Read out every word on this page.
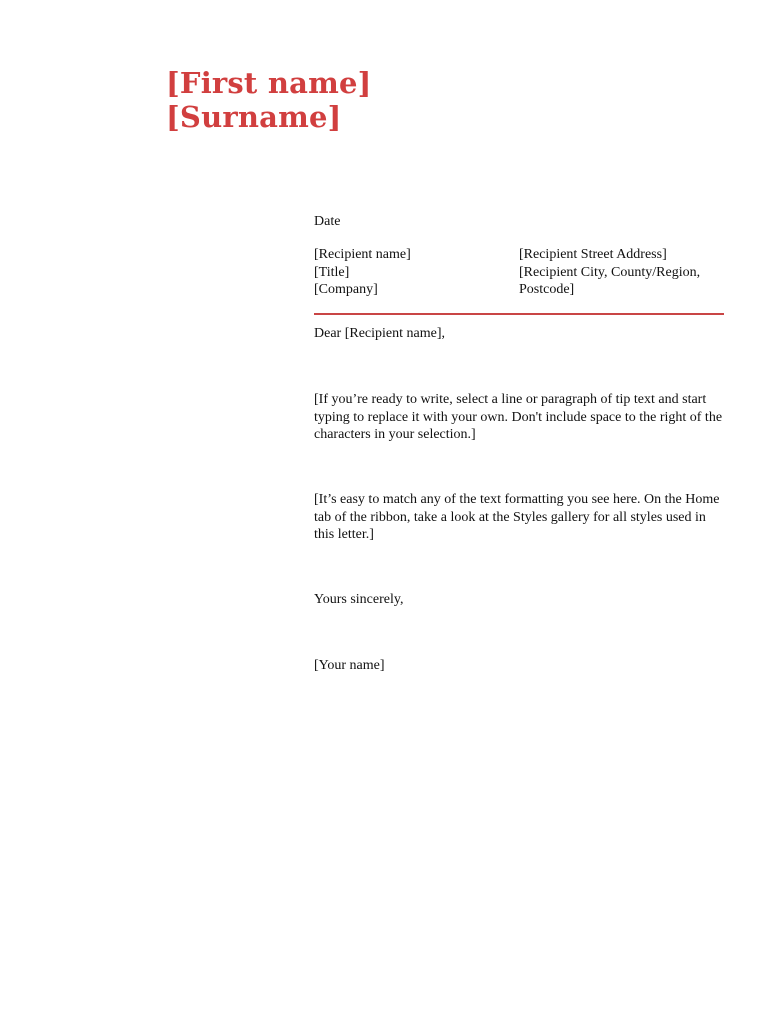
[First name]
[Surname]
Date
[Recipient name]
[Title]
[Company]
[Recipient Street Address]
[Recipient City, County/Region,
Postcode]
Dear [Recipient name],
[If you’re ready to write, select a line or paragraph of tip text and start typing to replace it with your own. Don't include space to the right of the characters in your selection.]
[It’s easy to match any of the text formatting you see here. On the Home tab of the ribbon, take a look at the Styles gallery for all styles used in this letter.]
Yours sincerely,
[Your name]
